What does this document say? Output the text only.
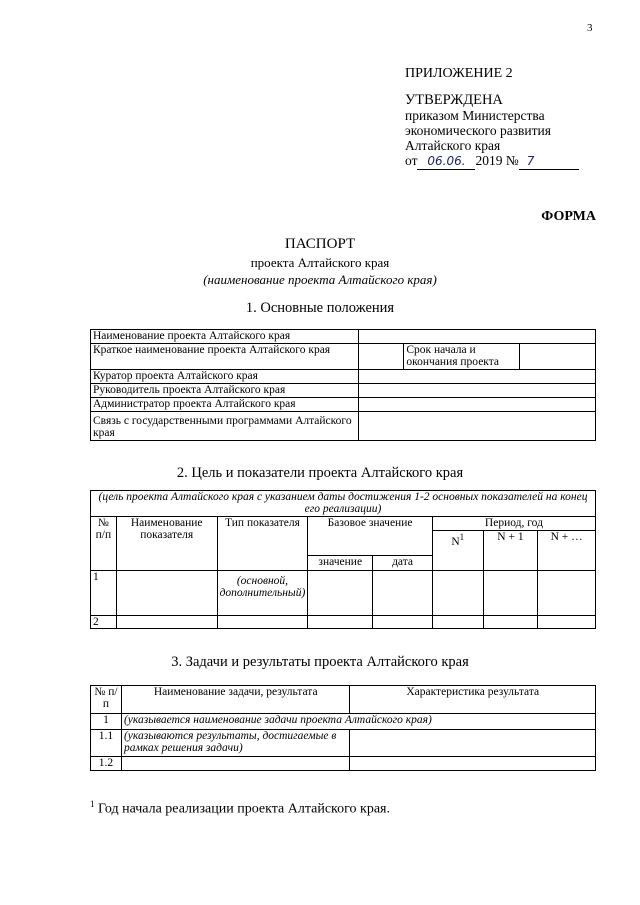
3
ПРИЛОЖЕНИЕ 2
УТВЕРЖДЕНА
приказом Министерства
экономического развития
Алтайского края
от 06.06. 2019 № 7
ФОРМА
ПАСПОРТ
проекта Алтайского края
(наименование проекта Алтайского края)
1. Основные положения
Наименование проекта Алтайского края			
Краткое наименование проекта Алтайского края		Срок начала и окончания проекта	
Куратор проекта Алтайского края			
Руководитель проекта Алтайского края			
Администратор проекта Алтайского края			
Связь с государственными программами Алтайского края			
2. Цель и показатели проекта Алтайского края
(цель проекта Алтайского края с указанием даты достижения 1-2 основных показателей на конец его реализации)							
№ п/п	Наименование показателя	Тип показателя	Базовое значение		Период, год		
					$N^1$	N + 1	N + …
			значение	дата			
1		(основной, дополнительный)					
2							
3. Задачи и результаты проекта Алтайского края
№ п/п	Наименование задачи, результата	Характеристика результата
1	(указывается наименование задачи проекта Алтайского края)	
1.1	(указываются результаты, достигаемые в рамках решения задачи)	
1.2		
$^1$ Год начала реализации проекта Алтайского края.
